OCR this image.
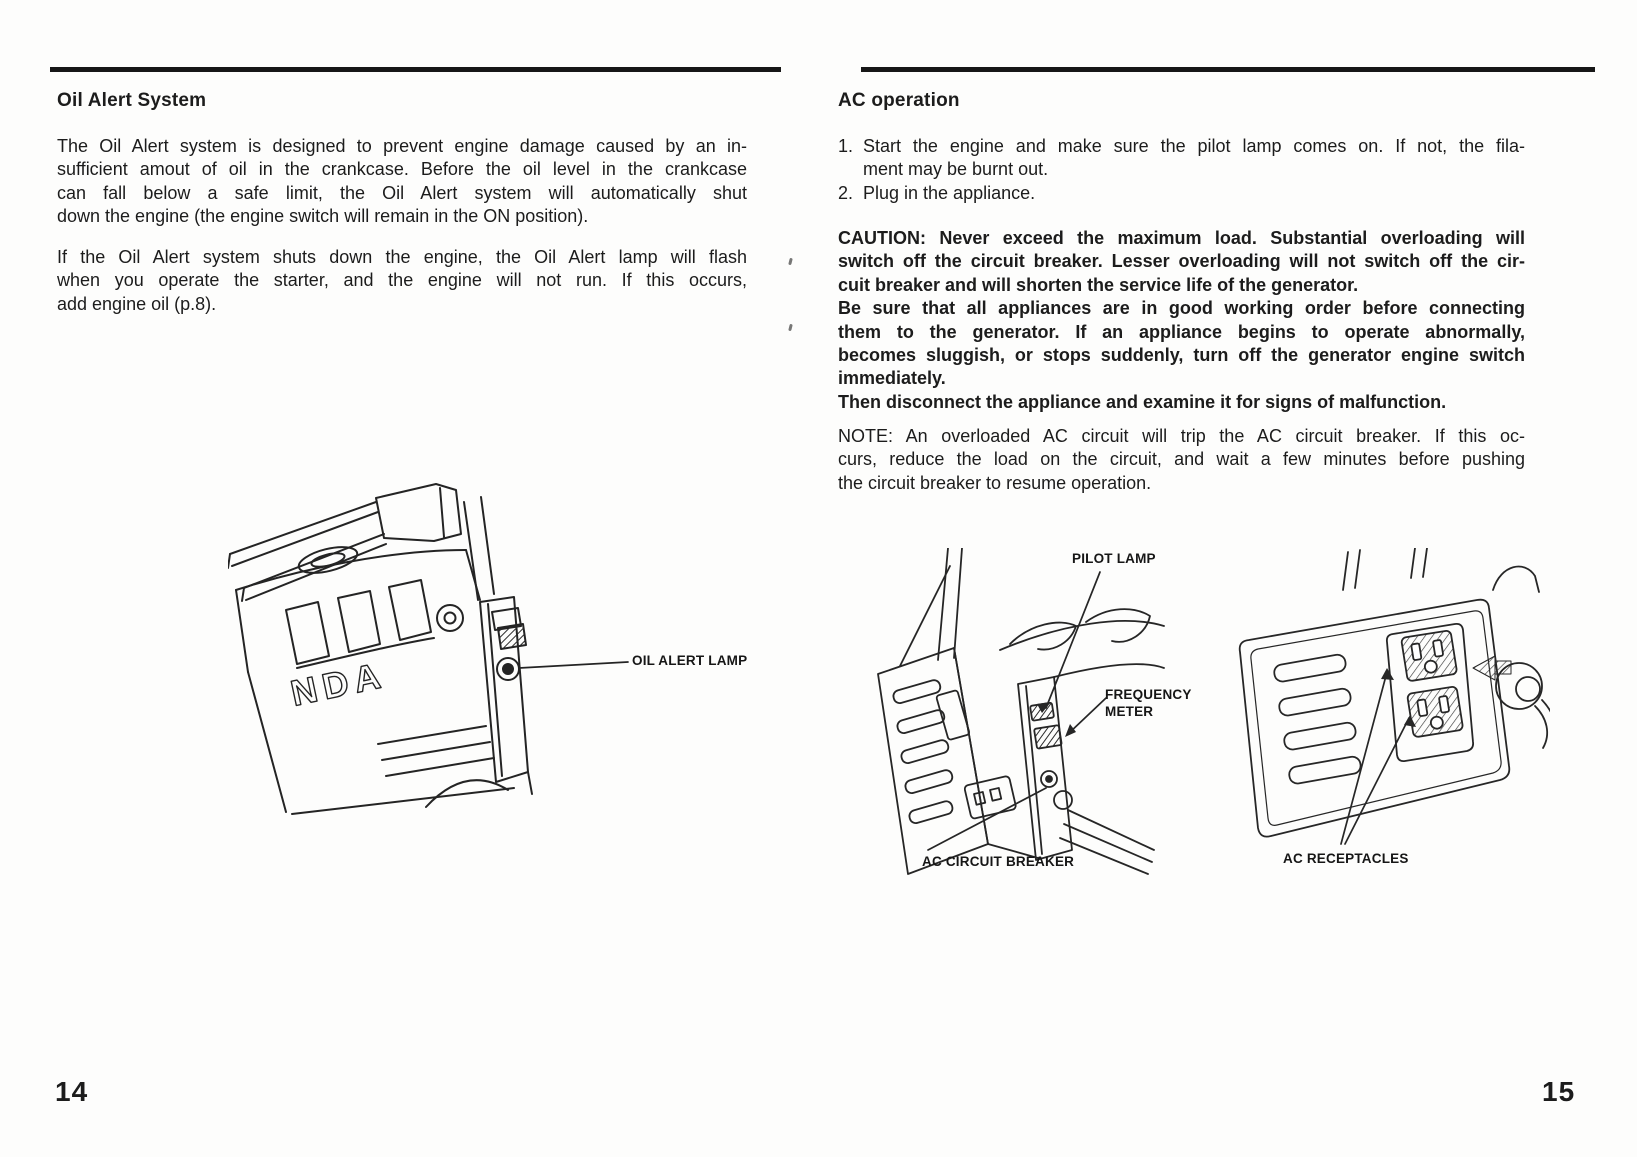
Oil Alert System
The Oil Alert system is designed to prevent engine damage caused by an in-
sufficient amout of oil in the crankcase. Before the oil level in the crankcase
can fall below a safe limit, the Oil Alert system will automatically shut
down the engine (the engine switch will remain in the ON position).
If the Oil Alert system shuts down the engine, the Oil Alert lamp will flash
when you operate the starter, and the engine will not run. If this occurs,
add engine oil (p.8).
NDA	OIL ALERT LAMP
14
AC operation
1. Start the engine and make sure the pilot lamp comes on. If not, the fila-
ment may be burnt out.
2. Plug in the appliance.
CAUTION: Never exceed the maximum load. Substantial overloading will
switch off the circuit breaker. Lesser overloading will not switch off the cir-
cuit breaker and will shorten the service life of the generator.
Be sure that all appliances are in good working order before connecting
them to the generator. If an appliance begins to operate abnormally,
becomes sluggish, or stops suddenly, turn off the generator engine switch
immediately.
Then disconnect the appliance and examine it for signs of malfunction.
NOTE: An overloaded AC circuit will trip the AC circuit breaker. If this oc-
curs, reduce the load on the circuit, and wait a few minutes before pushing
the circuit breaker to resume operation.
PILOT LAMP
FREQUENCY METER
AC CIRCUIT BREAKER	AC RECEPTACLES
15
